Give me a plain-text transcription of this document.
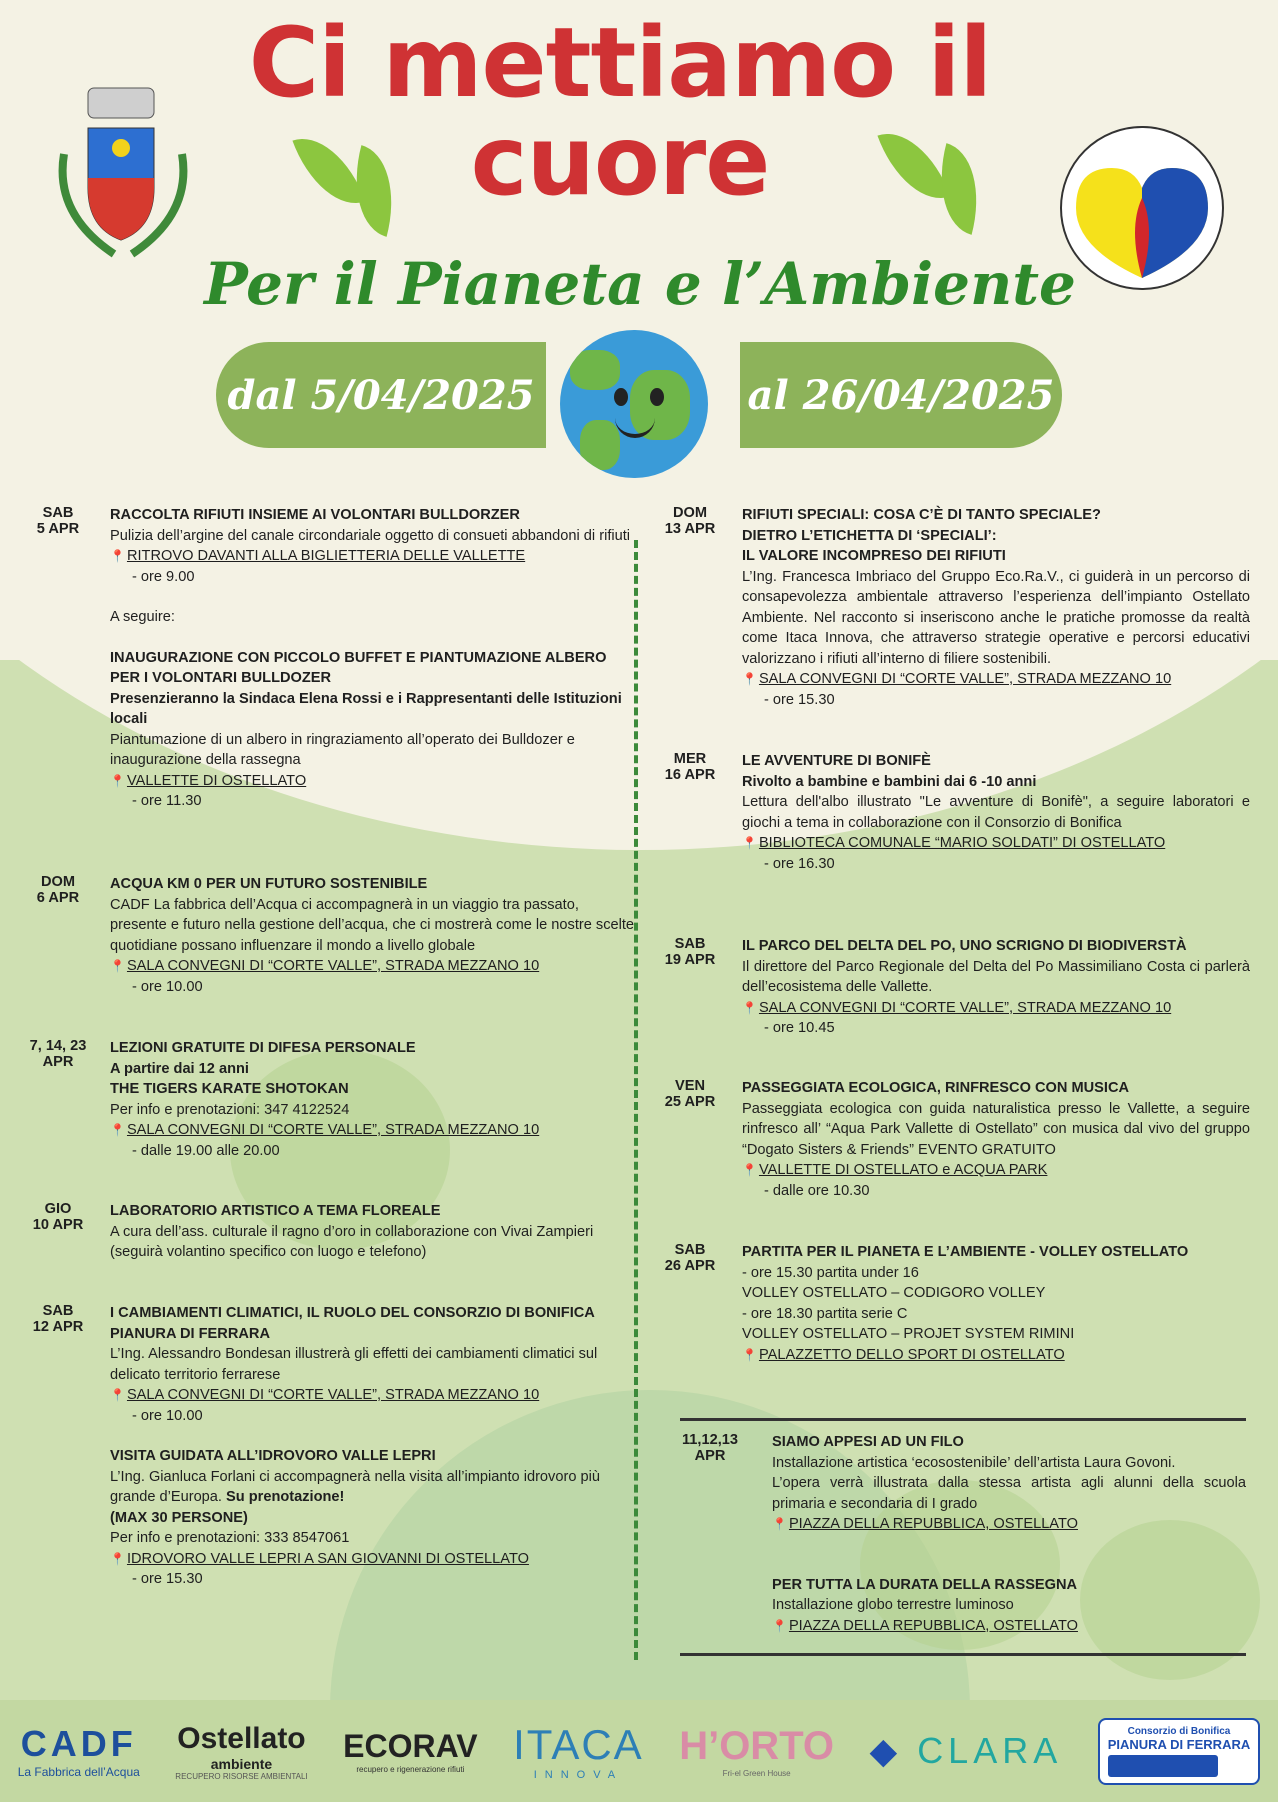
Ci mettiamo il
cuore
Per il Pianeta e l’Ambiente
dal 5/04/2025	al 26/04/2025
SAB
5 APR
RACCOLTA RIFIUTI INSIEME AI VOLONTARI BULLDORZER
Pulizia dell’argine del canale circondariale oggetto di consueti abbandoni di rifiuti
📍 RITROVO DAVANTI ALLA BIGLIETTERIA DELLE VALLETTE
- ore 9.00
A seguire:
INAUGURAZIONE CON PICCOLO BUFFET E PIANTUMAZIONE ALBERO PER I VOLONTARI BULLDOZER
Presenzieranno la Sindaca Elena Rossi e i Rappresentanti delle Istituzioni locali
Piantumazione di un albero in ringraziamento all’operato dei Bulldozer e inaugurazione della rassegna
📍 VALLETTE DI OSTELLATO
- ore 11.30
DOM
6 APR
ACQUA KM 0 PER UN FUTURO SOSTENIBILE
CADF La fabbrica dell’Acqua ci accompagnerà in un viaggio tra passato, presente e futuro nella gestione dell’acqua, che ci mostrerà come le nostre scelte quotidiane possano influenzare il mondo a livello globale
📍 SALA CONVEGNI DI “CORTE VALLE”, STRADA MEZZANO 10
- ore 10.00
7, 14, 23
APR
LEZIONI GRATUITE DI DIFESA PERSONALE
A partire dai 12 anni
THE TIGERS KARATE SHOTOKAN
Per info e prenotazioni: 347 4122524
📍 SALA CONVEGNI DI “CORTE VALLE”, STRADA MEZZANO 10
- dalle 19.00 alle 20.00
GIO
10 APR
LABORATORIO ARTISTICO A TEMA FLOREALE
A cura dell’ass. culturale il ragno d’oro in collaborazione con Vivai Zampieri (seguirà volantino specifico con luogo e telefono)
SAB
12 APR
I CAMBIAMENTI CLIMATICI, IL RUOLO DEL CONSORZIO DI BONIFICA PIANURA DI FERRARA
L’Ing. Alessandro Bondesan illustrerà gli effetti dei cambiamenti climatici sul delicato territorio ferrarese
📍 SALA CONVEGNI DI “CORTE VALLE”, STRADA MEZZANO 10
- ore 10.00
VISITA GUIDATA ALL’IDROVORO VALLE LEPRI
L’Ing. Gianluca Forlani ci accompagnerà nella visita all’impianto idrovoro più grande d’Europa. Su prenotazione!
(MAX 30 PERSONE)
Per info e prenotazioni: 333 8547061
📍 IDROVORO VALLE LEPRI A SAN GIOVANNI DI OSTELLATO
- ore 15.30
DOM
13 APR
RIFIUTI SPECIALI: COSA C’È DI TANTO SPECIALE?
DIETRO L’ETICHETTA DI ‘SPECIALI’:
IL VALORE INCOMPRESO DEI RIFIUTI
L’Ing. Francesca Imbriaco del Gruppo Eco.Ra.V., ci guiderà in un percorso di consapevolezza ambientale attraverso l’esperienza dell’impianto Ostellato Ambiente. Nel racconto si inseriscono anche le pratiche promosse da realtà come Itaca Innova, che attraverso strategie operative e percorsi educativi valorizzano i rifiuti all’interno di filiere sostenibili.
📍 SALA CONVEGNI DI “CORTE VALLE”, STRADA MEZZANO 10
- ore 15.30
MER
16 APR
LE AVVENTURE DI BONIFÈ
Rivolto a bambine e bambini dai 6 -10 anni
Lettura dell'albo illustrato "Le avventure di Bonifè", a seguire laboratori e giochi a tema in collaborazione con il Consorzio di Bonifica
📍 BIBLIOTECA COMUNALE “MARIO SOLDATI” DI OSTELLATO
- ore 16.30
SAB
19 APR
IL PARCO DEL DELTA DEL PO, UNO SCRIGNO DI BIODIVERSTÀ
Il direttore del Parco Regionale del Delta del Po Massimiliano Costa ci parlerà dell’ecosistema delle Vallette.
📍 SALA CONVEGNI DI “CORTE VALLE”, STRADA MEZZANO 10
- ore 10.45
VEN
25 APR
PASSEGGIATA ECOLOGICA, RINFRESCO CON MUSICA
Passeggiata ecologica con guida naturalistica presso le Vallette, a seguire rinfresco all’ “Aqua Park Vallette di Ostellato” con musica dal vivo del gruppo “Dogato Sisters & Friends” EVENTO GRATUITO
📍 VALLETTE DI OSTELLATO e ACQUA PARK
- dalle ore 10.30
SAB
26 APR
PARTITA PER IL PIANETA E L’AMBIENTE - VOLLEY OSTELLATO
- ore 15.30 partita under 16
VOLLEY OSTELLATO – CODIGORO VOLLEY
- ore 18.30 partita serie C
VOLLEY OSTELLATO – PROJET SYSTEM RIMINI
📍 PALAZZETTO DELLO SPORT DI OSTELLATO
11,12,13
APR
SIAMO APPESI AD UN FILO
Installazione artistica ‘ecosostenibile’ dell’artista Laura Govoni.
L’opera verrà illustrata dalla stessa artista agli alunni della scuola primaria e secondaria di I grado
📍 PIAZZA DELLA REPUBBLICA, OSTELLATO
PER TUTTA LA DURATA DELLA RASSEGNA
Installazione globo terrestre luminoso
📍 PIAZZA DELLA REPUBBLICA, OSTELLATO
CADF
La Fabbrica dell’Acqua
Ostellato
ambiente
RECUPERO RISORSE AMBIENTALI
ECORAV
recupero e rigenerazione rifiuti
ITACA
INNOVA
H’ORTO
Fri-el Green House
◆ CLARA	Consorzio di Bonifica
PIANURA DI FERRARA
